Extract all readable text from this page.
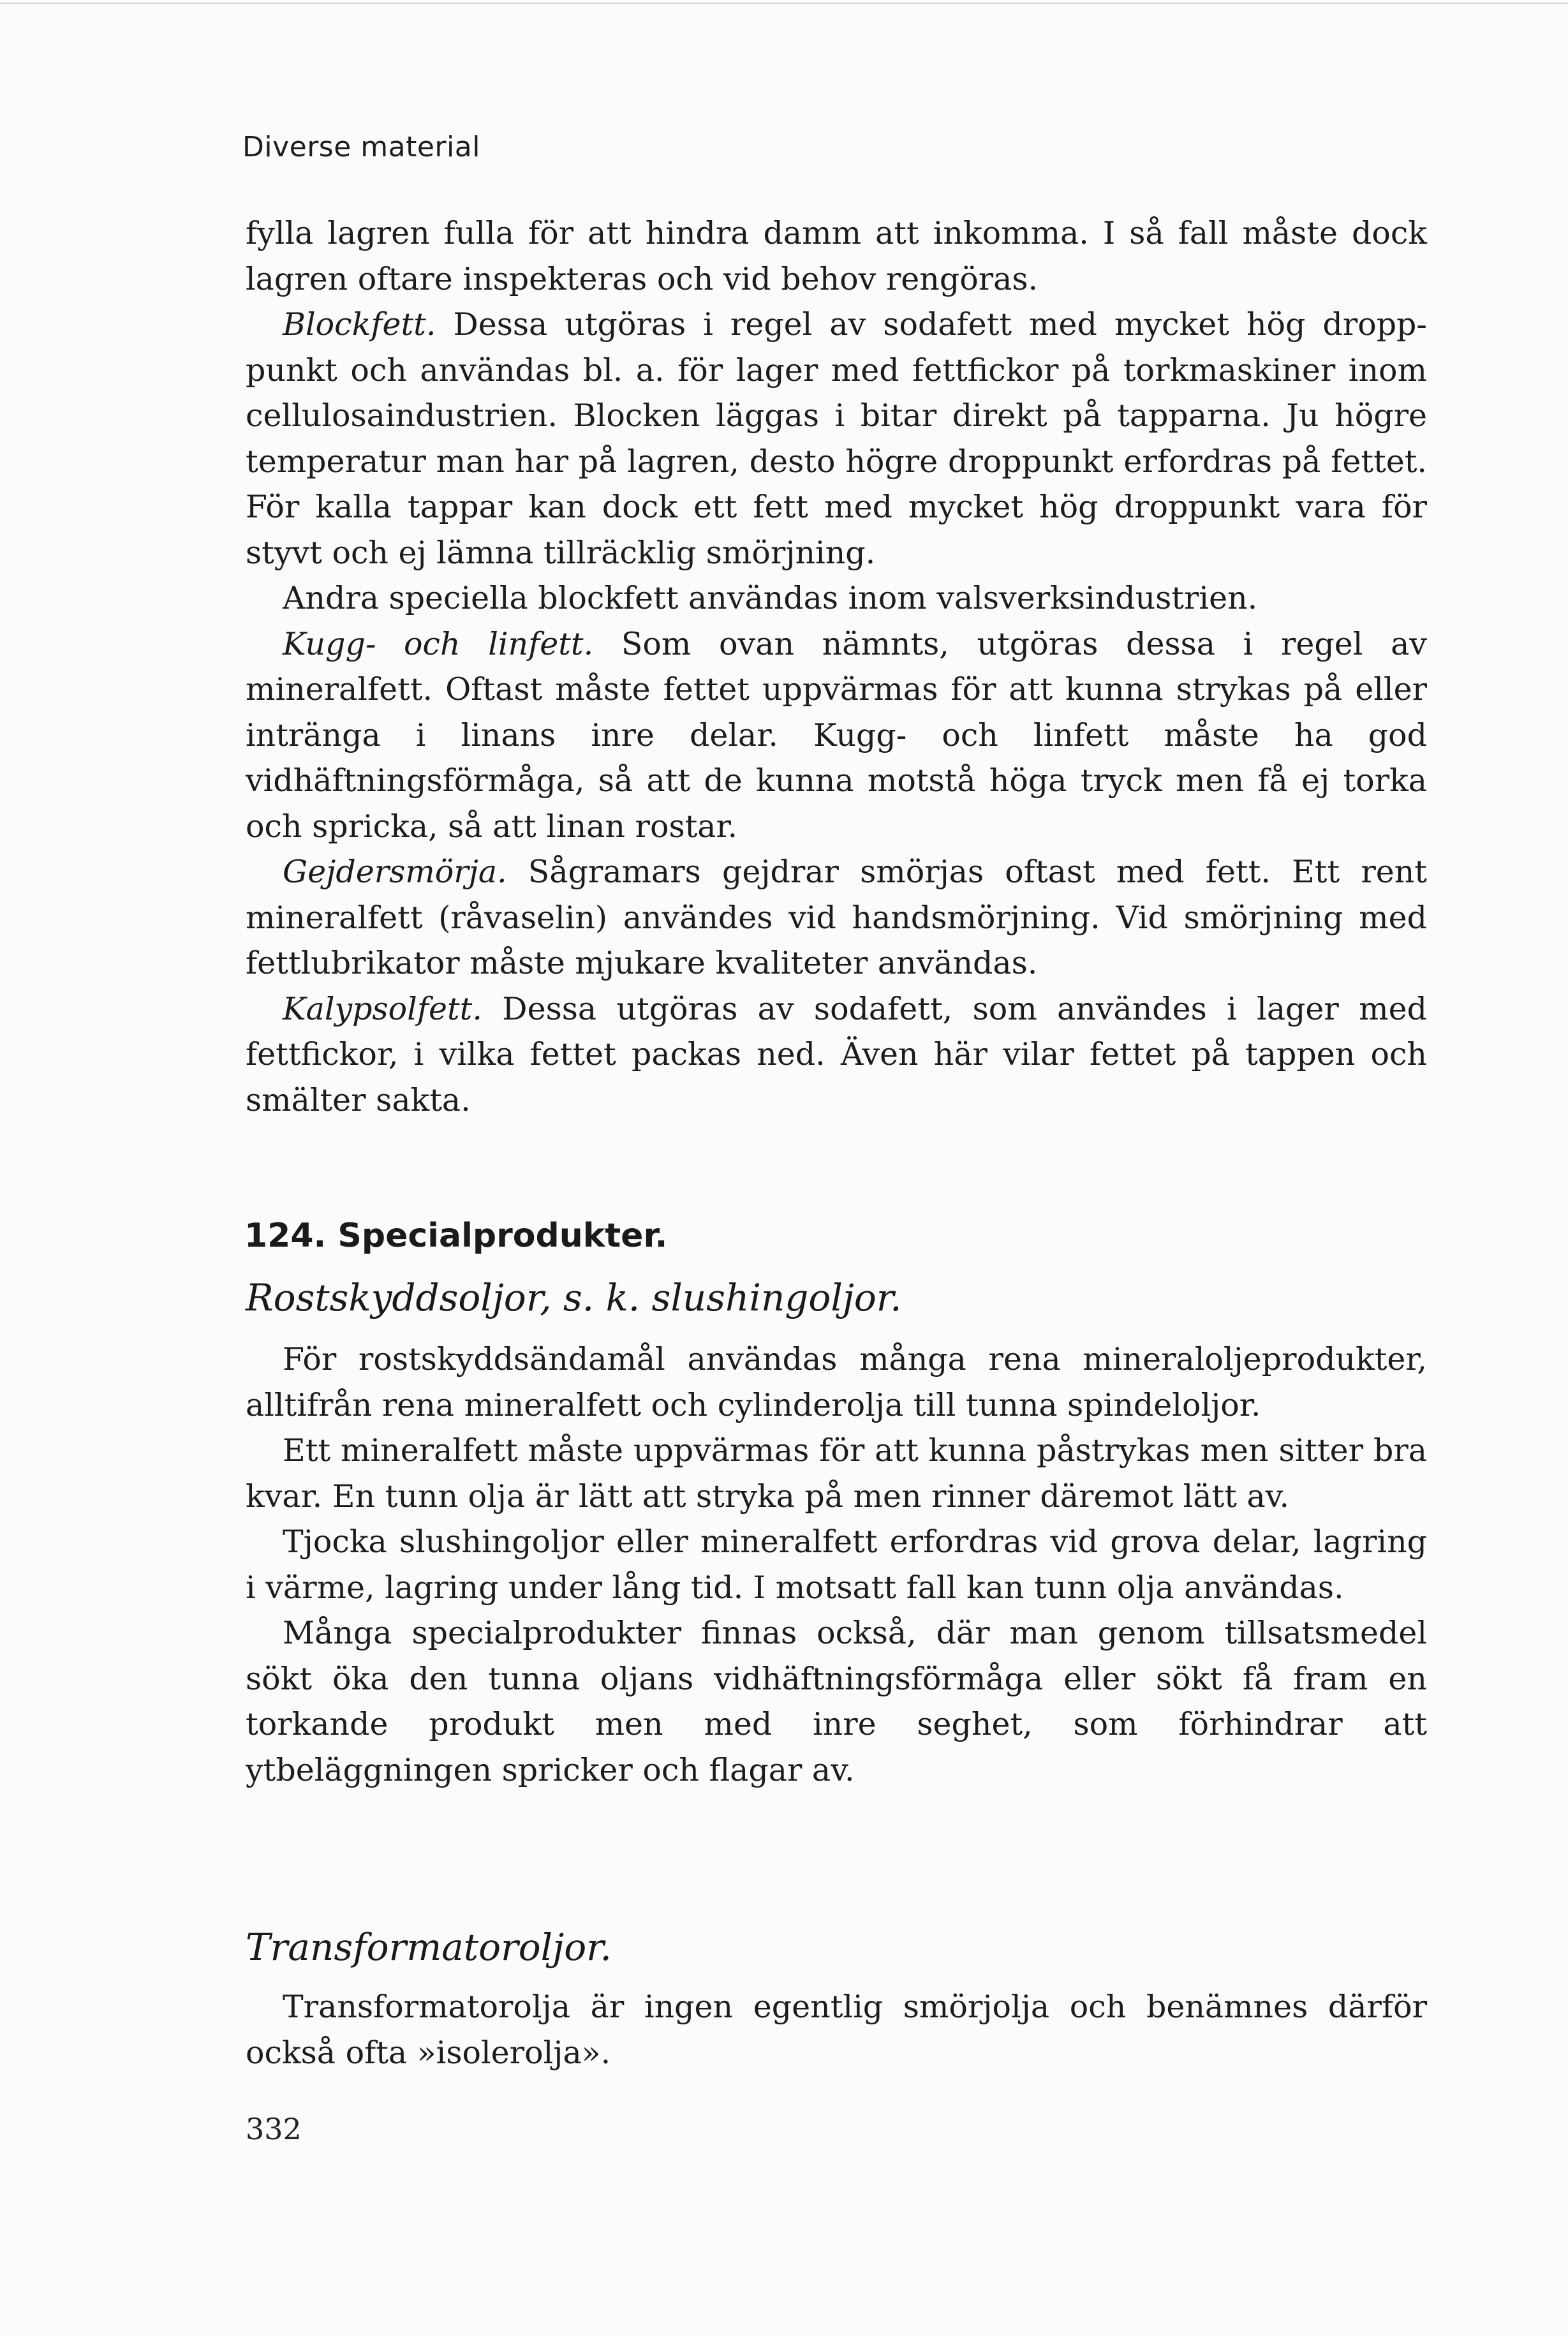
Diverse material

fylla lagren fulla för att hindra damm att inkomma. I så fall måste dock lagren oftare inspekteras och vid behov rengöras.

Blockfett. Dessa utgöras i regel av sodafett med mycket hög dropp-punkt och användas bl. a. för lager med fettfickor på torkmaskiner inom cellulosaindustrien. Blocken läggas i bitar direkt på tapparna. Ju högre temperatur man har på lagren, desto högre droppunkt erfordras på fettet. För kalla tappar kan dock ett fett med mycket hög droppunkt vara för styvt och ej lämna tillräcklig smörjning.

Andra speciella blockfett användas inom valsverksindustrien.

Kugg- och linfett. Som ovan nämnts, utgöras dessa i regel av mineralfett. Oftast måste fettet uppvärmas för att kunna strykas på eller intränga i linans inre delar. Kugg- och linfett måste ha god vidhäftningsförmåga, så att de kunna motstå höga tryck men få ej torka och spricka, så att linan rostar.

Gejdersmörja. Sågramars gejdrar smörjas oftast med fett. Ett rent mineralfett (råvaselin) användes vid handsmörjning. Vid smörjning med fettlubrikator måste mjukare kvaliteter användas.

Kalypsolfett. Dessa utgöras av sodafett, som användes i lager med fettfickor, i vilka fettet packas ned. Även här vilar fettet på tappen och smälter sakta.

124. Specialprodukter.
Rostskyddsoljor, s. k. slushingoljor.

För rostskyddsändamål användas många rena mineraloljeprodukter, alltifrån rena mineralfett och cylinderolja till tunna spindeloljor.

Ett mineralfett måste uppvärmas för att kunna påstrykas men sitter bra kvar. En tunn olja är lätt att stryka på men rinner däremot lätt av.

Tjocka slushingoljor eller mineralfett erfordras vid grova delar, lagring i värme, lagring under lång tid. I motsatt fall kan tunn olja användas.

Många specialprodukter finnas också, där man genom tillsatsmedel sökt öka den tunna oljans vidhäftningsförmåga eller sökt få fram en torkande produkt men med inre seghet, som förhindrar att ytbeläggningen spricker och flagar av.

Transformatoroljor.

Transformatorolja är ingen egentlig smörjolja och benämnes därför också ofta »isolerolja».

332
